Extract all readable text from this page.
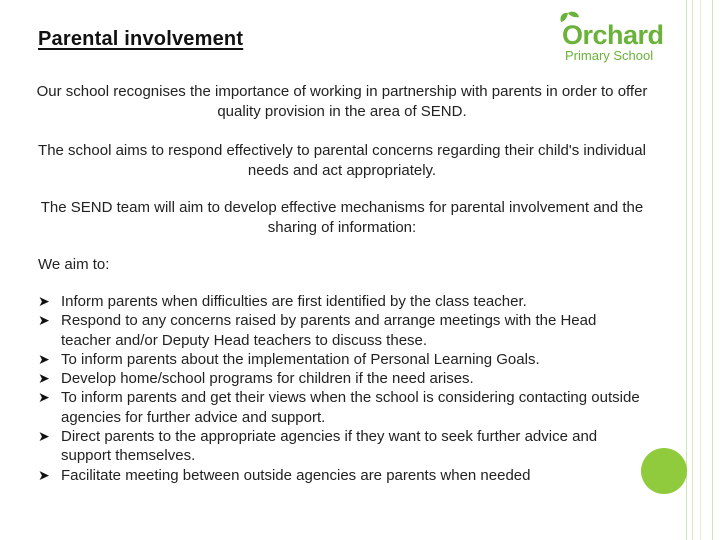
Parental involvement	Orchard
Primary School
Our school recognises the importance of working in partnership with parents in order to offer quality provision in the area of SEND.
The school aims to respond effectively to parental concerns regarding their child's individual needs and act appropriately.
The SEND team will aim to develop effective mechanisms for parental involvement and the sharing of information:
We aim to:
➤ Inform parents when difficulties are first identified by the class teacher.
➤ Respond to any concerns raised by parents and arrange meetings with the Head teacher and/or Deputy Head teachers to discuss these.
➤ To inform parents about the implementation of Personal Learning Goals.
➤ Develop home/school programs for children if the need arises.
➤ To inform parents and get their views when the school is considering contacting outside agencies for further advice and support.
➤ Direct parents to the appropriate agencies if they want to seek further advice and support themselves.
➤ Facilitate meeting between outside agencies are parents when needed
